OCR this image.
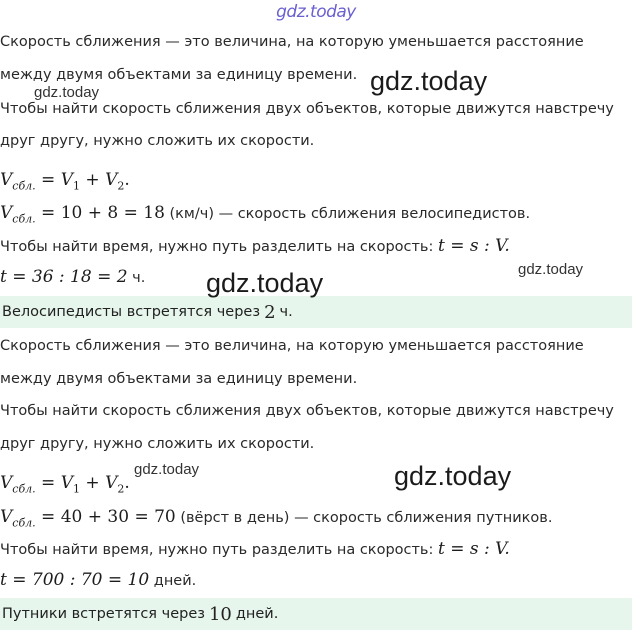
gdz.today
Скорость сближения — это величина, на которую уменьшается расстояние
между двумя объектами за единицу времени.
Чтобы найти скорость сближения двух объектов, которые движутся навстречу
друг другу, нужно сложить их скорости.
$V_{сбл.} = V_1 + V_2$.
$V_{сбл.} = 10 + 8 = 18$ (км/ч) — скорость сближения велосипедистов.
Чтобы найти время, нужно путь разделить на скорость: t = s : V.
t = 36 : 18 = 2 ч.
Велосипедисты встретятся через 2 ч.
Скорость сближения — это величина, на которую уменьшается расстояние
между двумя объектами за единицу времени.
Чтобы найти скорость сближения двух объектов, которые движутся навстречу
друг другу, нужно сложить их скорости.
$V_{сбл.} = V_1 + V_2$.
$V_{сбл.} = 40 + 30 = 70$ (вёрст в день) — скорость сближения путников.
Чтобы найти время, нужно путь разделить на скорость: t = s : V.
t = 700 : 70 = 10 дней.
Путники встретятся через 10 дней.
gdz.today	gdz.today
gdz.today
gdz.today
gdz.today	gdz.today
